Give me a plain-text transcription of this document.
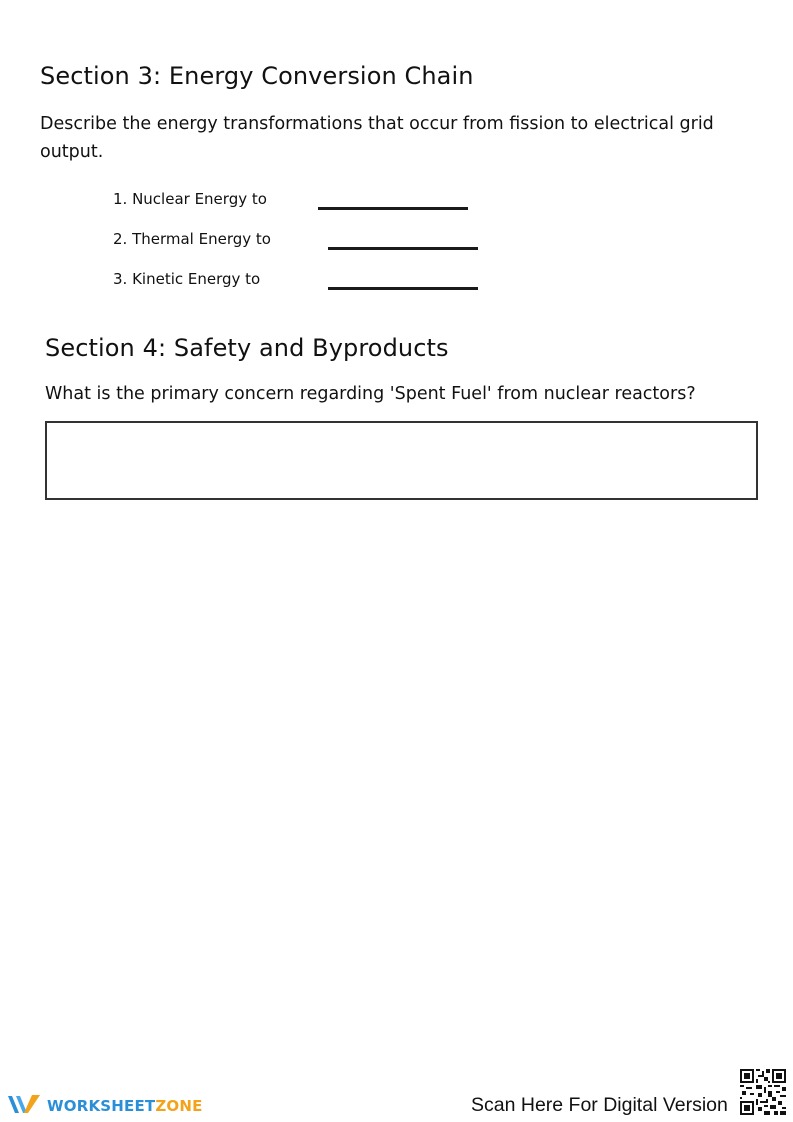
Section 3: Energy Conversion Chain

Describe the energy transformations that occur from fission to electrical grid output.

1. Nuclear Energy to
2. Thermal Energy to
3. Kinetic Energy to
Section 4: Safety and Byproducts

What is the primary concern regarding 'Spent Fuel' from nuclear reactors?

WORKSHEETZONE	Scan Here For Digital Version
